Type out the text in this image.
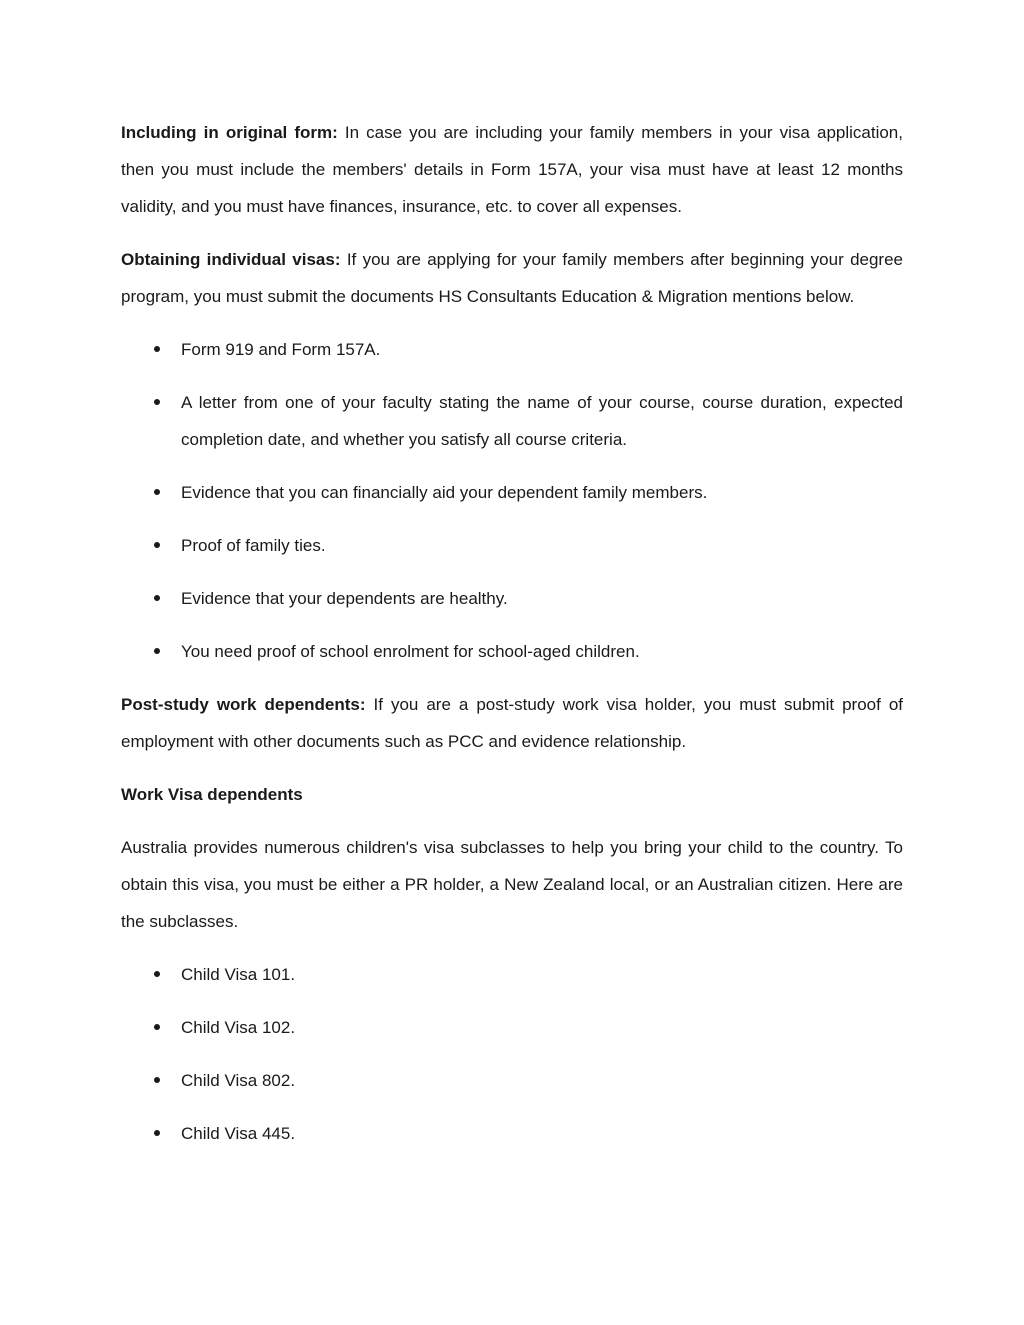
Including in original form: In case you are including your family members in your visa application, then you must include the members' details in Form 157A, your visa must have at least 12 months validity, and you must have finances, insurance, etc. to cover all expenses.

Obtaining individual visas: If you are applying for your family members after beginning your degree program, you must submit the documents HS Consultants Education & Migration mentions below.

Form 919 and Form 157A.
A letter from one of your faculty stating the name of your course, course duration, expected completion date, and whether you satisfy all course criteria.
Evidence that you can financially aid your dependent family members.
Proof of family ties.
Evidence that your dependents are healthy.
You need proof of school enrolment for school-aged children.

Post-study work dependents: If you are a post-study work visa holder, you must submit proof of employment with other documents such as PCC and evidence relationship.

Work Visa dependents

Australia provides numerous children's visa subclasses to help you bring your child to the country. To obtain this visa, you must be either a PR holder, a New Zealand local, or an Australian citizen. Here are the subclasses.

Child Visa 101.
Child Visa 102.
Child Visa 802.
Child Visa 445.
